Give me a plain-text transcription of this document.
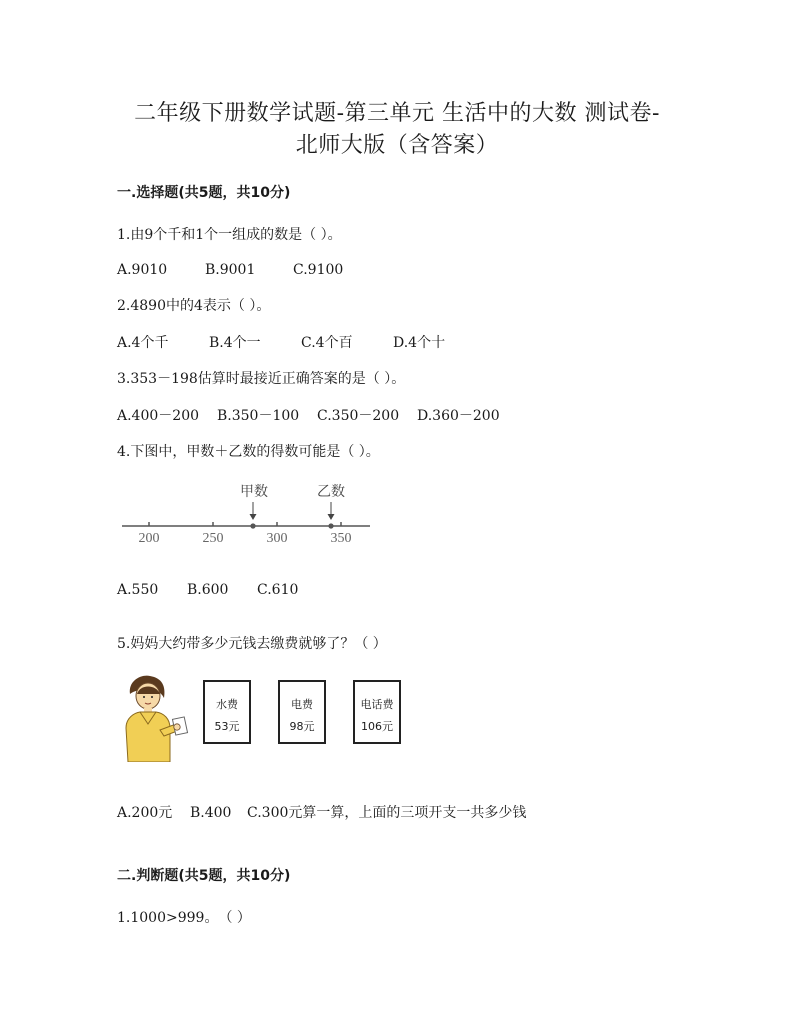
二年级下册数学试题-第三单元 生活中的大数 测试卷-
北师大版（含答案）
一.选择题(共5题，共10分)
1.由9个千和1个一组成的数是（ ）。
A.9010	B.9001	C.9100
2.4890中的4表示（ ）。
A.4个千	B.4个一	C.4个百	D.4个十
3.353－198估算时最接近正确答案的是（ ）。
A.400－200 B.350－100 C.350－200 D.360－200
4.下图中，甲数＋乙数的得数可能是（ ）。
甲数	乙数
200	250	300	350
A.550 B.600 C.610
5.妈妈大约带多少元钱去缴费就够了？（ ）
水费
53元
电费
98元
电话费
106元
A.200元 B.400 C.300元算一算，上面的三项开支一共多少钱
二.判断题(共5题，共10分)
1.1000>999。　（ ）
